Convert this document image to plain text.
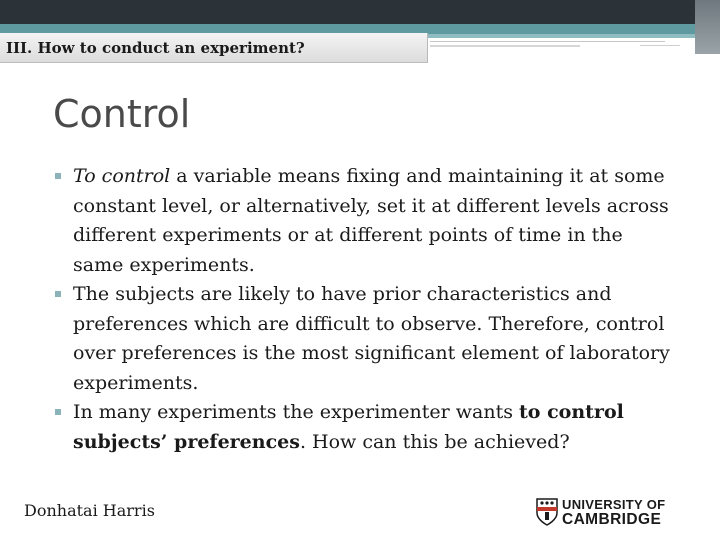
III. How to conduct an experiment?
Control
To control a variable means fixing and maintaining it at some constant level, or alternatively, set it at different levels across different experiments or at different points of time in the same experiments.
The subjects are likely to have prior characteristics and preferences which are difficult to observe. Therefore, control over preferences is the most significant element of laboratory experiments.
In many experiments the experimenter wants to control subjects’ preferences. How can this be achieved?
Donhatai Harris	UNIVERSITY OF
CAMBRIDGE
